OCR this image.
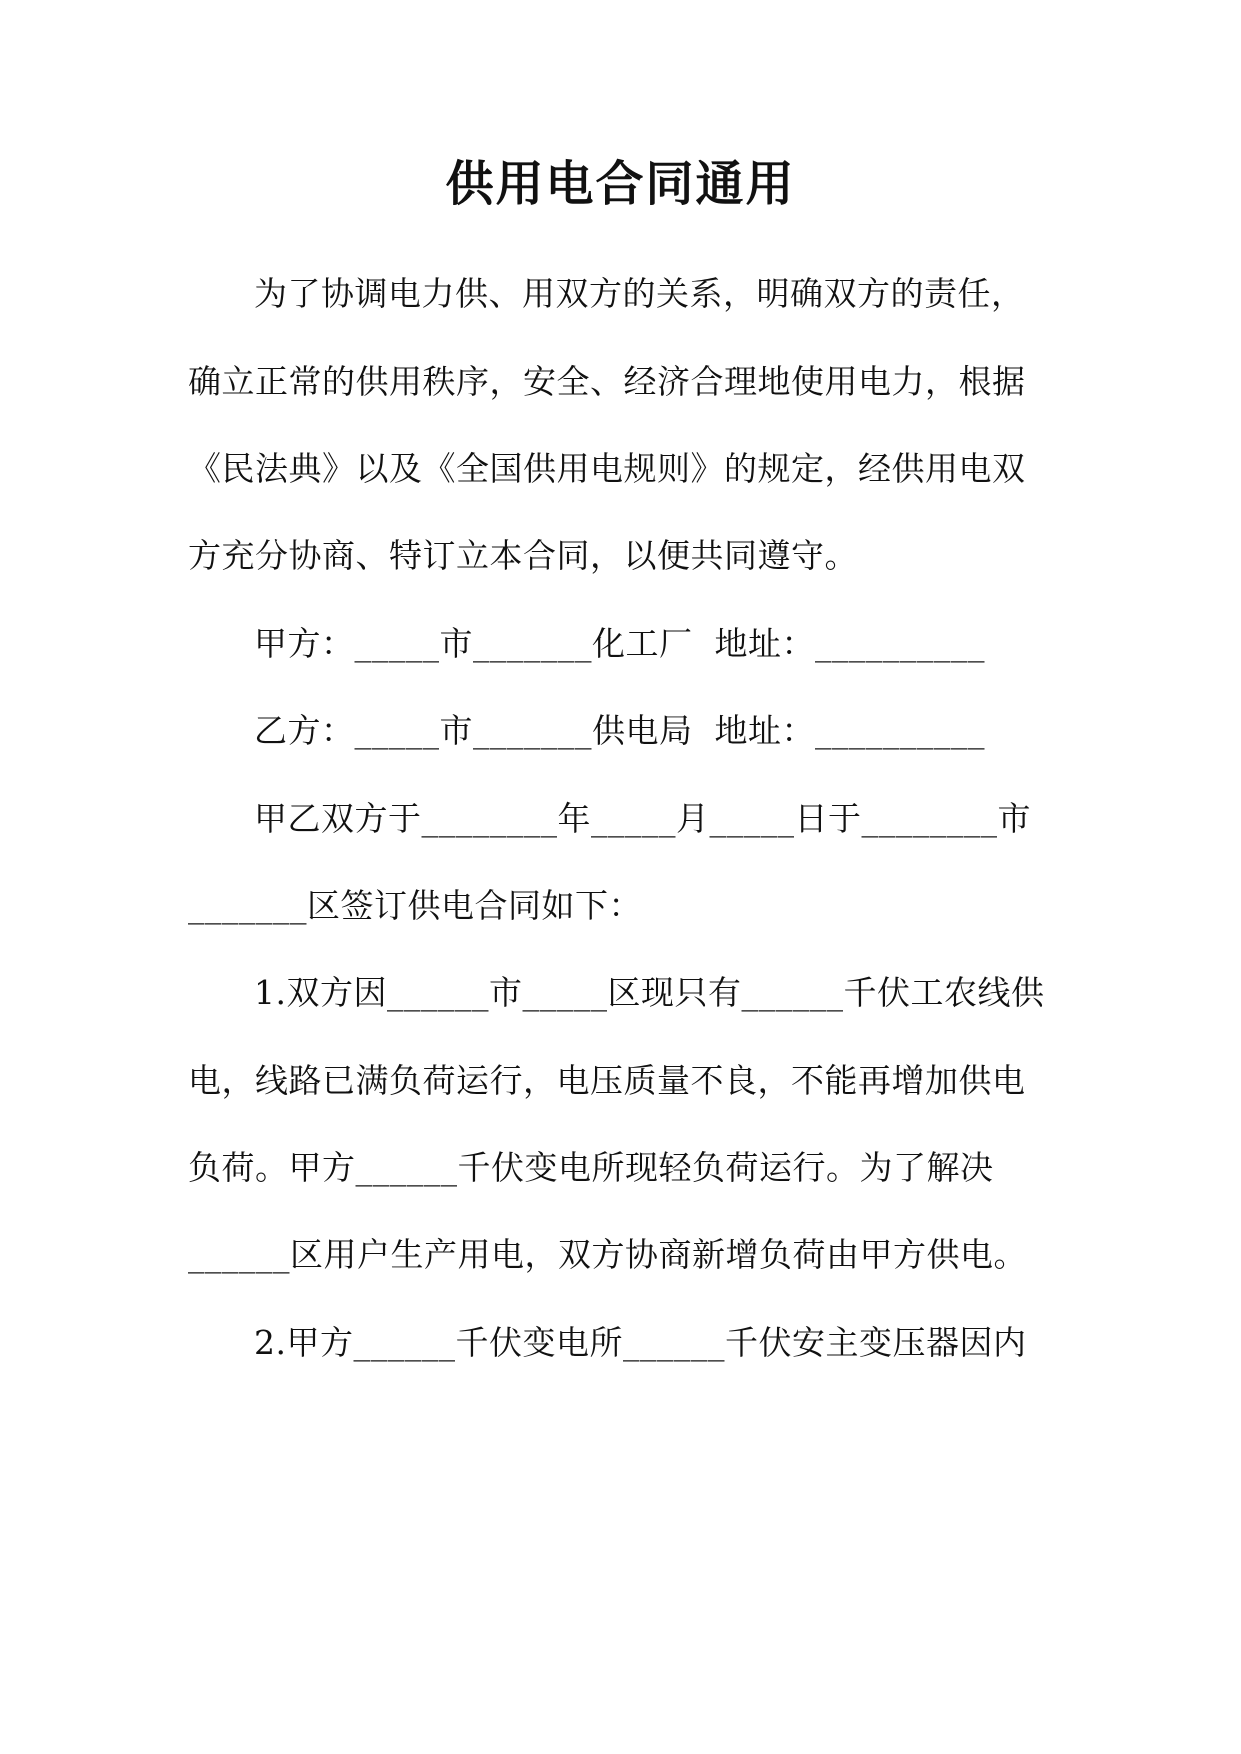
供用电合同通用
为了协调电力供、用双方的关系，明确双方的责任，
确立正常的供用秩序，安全、经济合理地使用电力，根据
《民法典》以及《全国供用电规则》的规定，经供用电双
方充分协商、特订立本合同，以便共同遵守。
甲方：_____市_______化工厂  地址：__________
乙方：_____市_______供电局  地址：__________
甲乙双方于________年_____月_____日于________市
_______区签订供电合同如下：
1.双方因______市_____区现只有______千伏工农线供
电，线路已满负荷运行，电压质量不良，不能再增加供电
负荷。甲方______千伏变电所现轻负荷运行。为了解决
______区用户生产用电，双方协商新增负荷由甲方供电。
2.甲方______千伏变电所______千伏安主变压器因内
